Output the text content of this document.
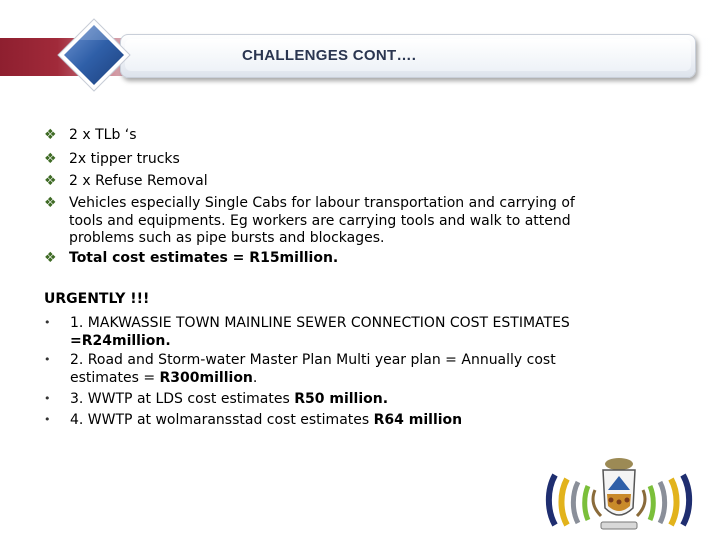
CHALLENGES CONT….
❖ 2 x TLb ‘s
❖ 2x tipper trucks
❖ 2 x Refuse Removal
❖ Vehicles especially Single Cabs for labour transportation and carrying of
tools and equipments. Eg workers are carrying tools and walk to attend
problems such as pipe bursts and blockages.
❖ Total cost estimates = R15million.
URGENTLY !!!
• 1. MAKWASSIE TOWN MAINLINE SEWER CONNECTION COST ESTIMATES
=R24million.
• 2. Road and Storm-water Master Plan Multi year plan = Annually cost
estimates = R300million.
• 3. WWTP at LDS cost estimates R50 million.
• 4. WWTP at wolmaransstad cost estimates R64 million
